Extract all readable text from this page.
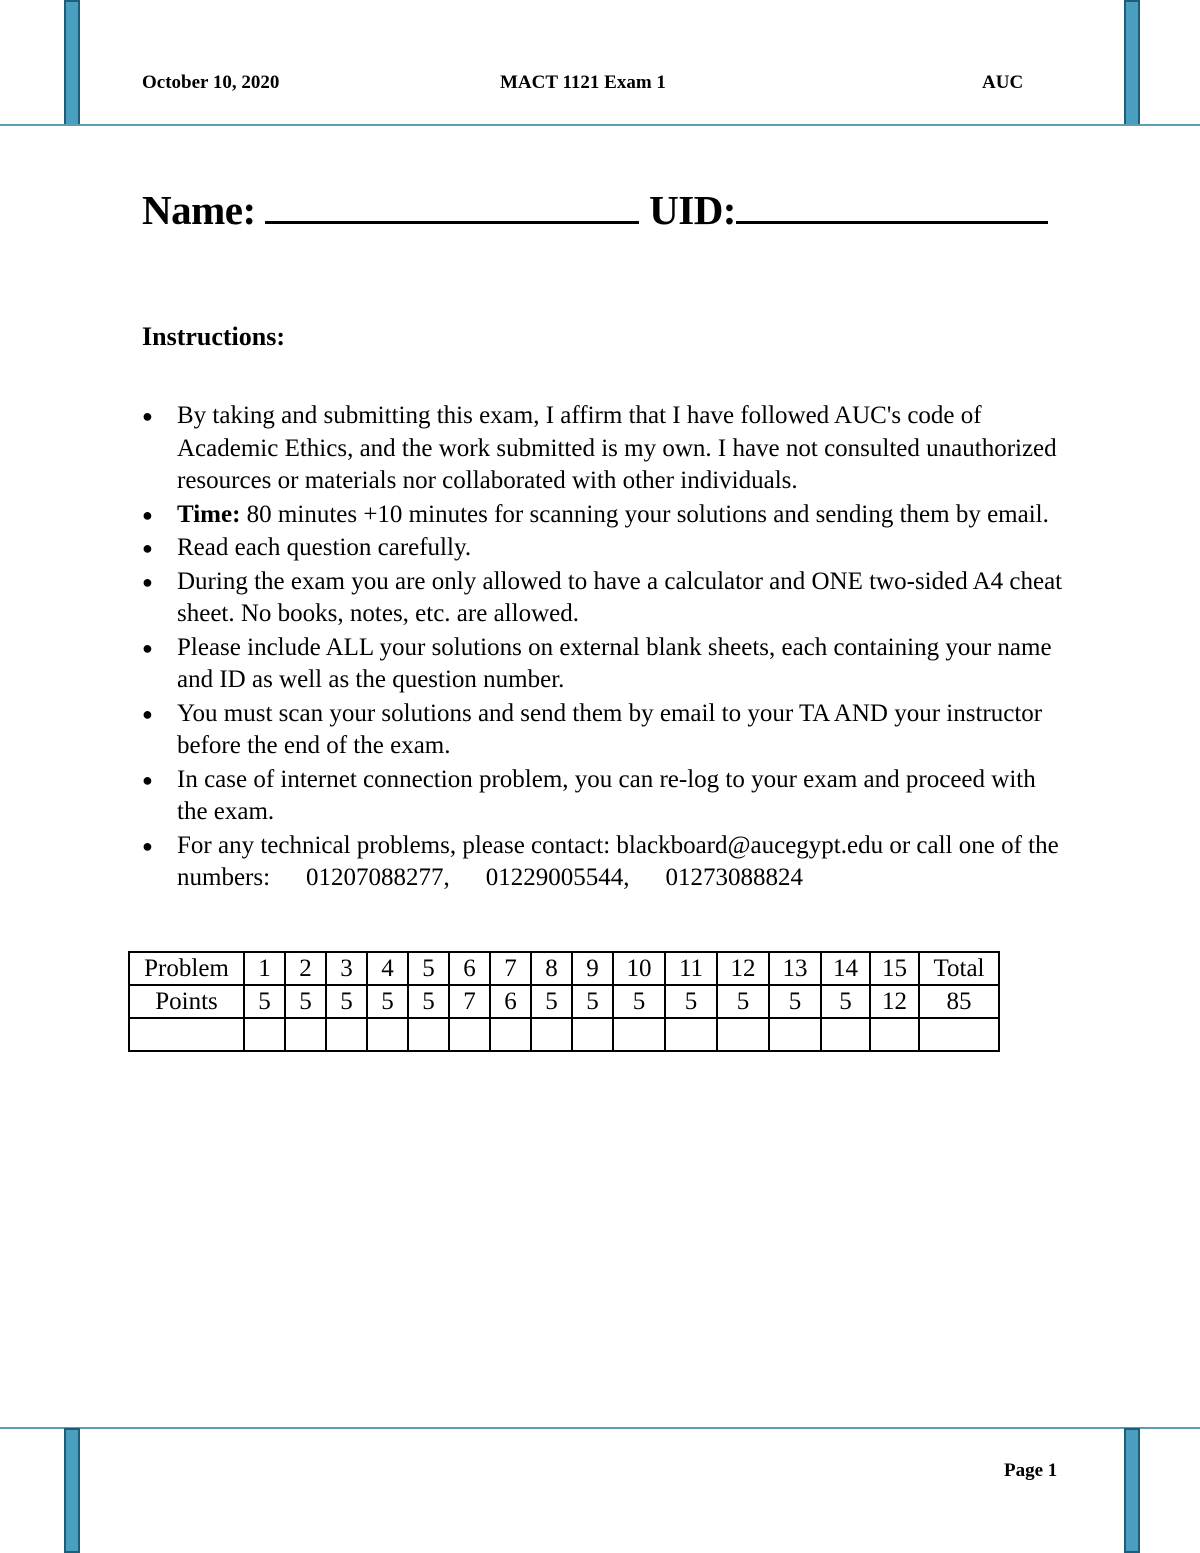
October 10, 2020	MACT 1121 Exam 1	AUC
Name:	UID:
Instructions:
● By taking and submitting this exam, I affirm that I have followed AUC's code of Academic Ethics, and the work submitted is my own. I have not consulted unauthorized resources or materials nor collaborated with other individuals.
● Time: 80 minutes +10 minutes for scanning your solutions and sending them by email.
● Read each question carefully.
● During the exam you are only allowed to have a calculator and ONE two-sided A4 cheat sheet. No books, notes, etc. are allowed.
● Please include ALL your solutions on external blank sheets, each containing your name and ID as well as the question number.
● You must scan your solutions and send them by email to your TA AND your instructor before the end of the exam.
● In case of internet connection problem, you can re-log to your exam and proceed with the exam.
● For any technical problems, please contact: blackboard@aucegypt.edu or call one of the numbers: 01207088277, 01229005544, 01273088824
Problem	1	2	3	4	5	6	7	8	9	10	11	12	13	14	15	Total
Points	5	5	5	5	5	7	6	5	5	5	5	5	5	5	12	85

Page 1
